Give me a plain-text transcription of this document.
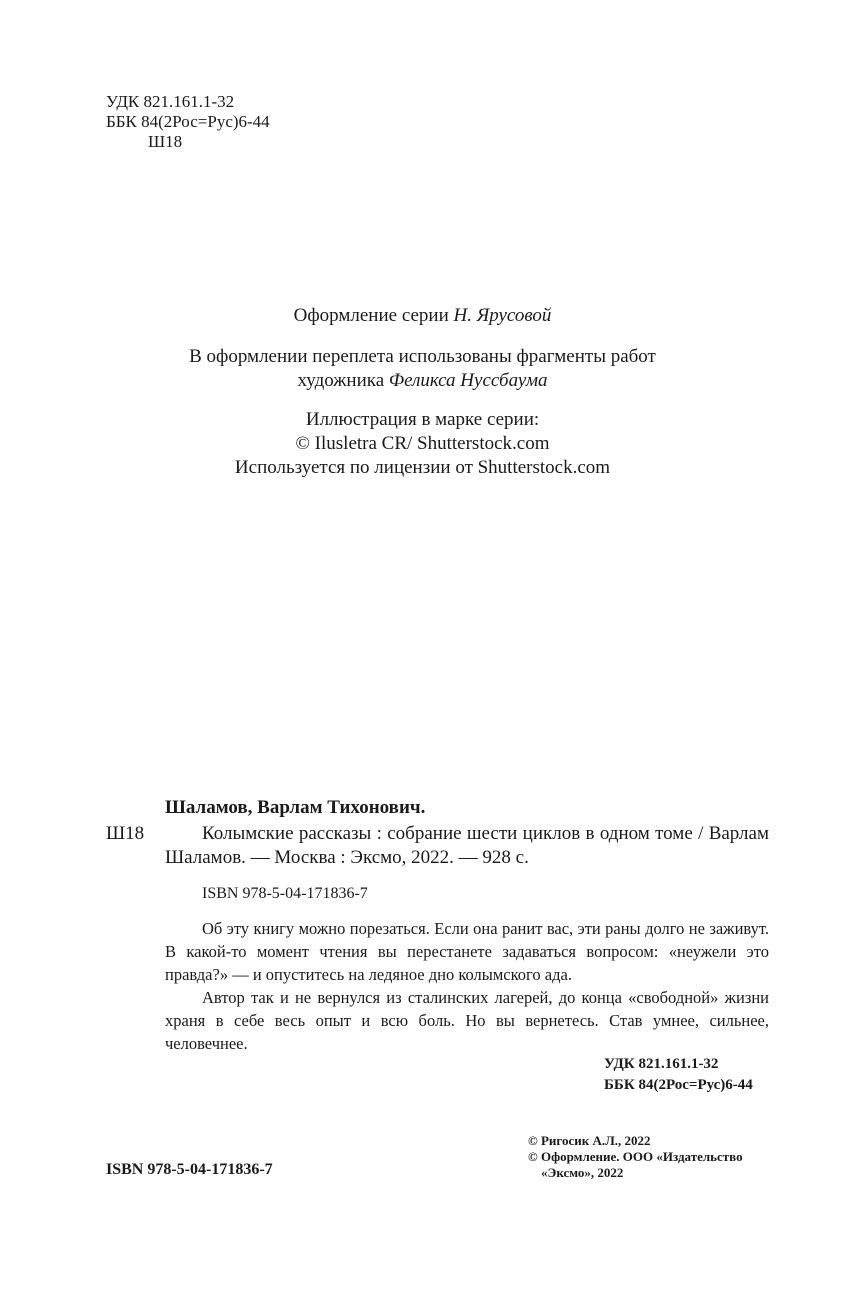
УДК 821.161.1-32
ББК 84(2Рос=Рус)6-44
Ш18
Оформление серии Н. Ярусовой
В оформлении переплета использованы фрагменты работ
художника Феликса Нуссбаума
Иллюстрация в марке серии:
© Ilusletra CR/ Shutterstock.com
Используется по лицензии от Shutterstock.com
Шаламов, Варлам Тихонович.
Ш18	Колымские рассказы : собрание шести циклов в одном томе / Варлам Шаламов. — Москва : Эксмо, 2022. — 928 с.
ISBN 978-5-04-171836-7

Об эту книгу можно порезаться. Если она ранит вас, эти раны долго не заживут. В какой-то момент чтения вы перестанете задаваться вопросом: «неужели это правда?» — и опуститесь на ледяное дно колымского ада.

Автор так и не вернулся из сталинских лагерей, до конца «свободной» жизни храня в себе весь опыт и всю боль. Но вы вернетесь. Став умнее, сильнее, человечнее.

УДК 821.161.1-32
ББК 84(2Рос=Рус)6-44
© Ригосик А.Л., 2022
© Оформление. ООО «Издательство
«Эксмо», 2022
ISBN 978-5-04-171836-7
